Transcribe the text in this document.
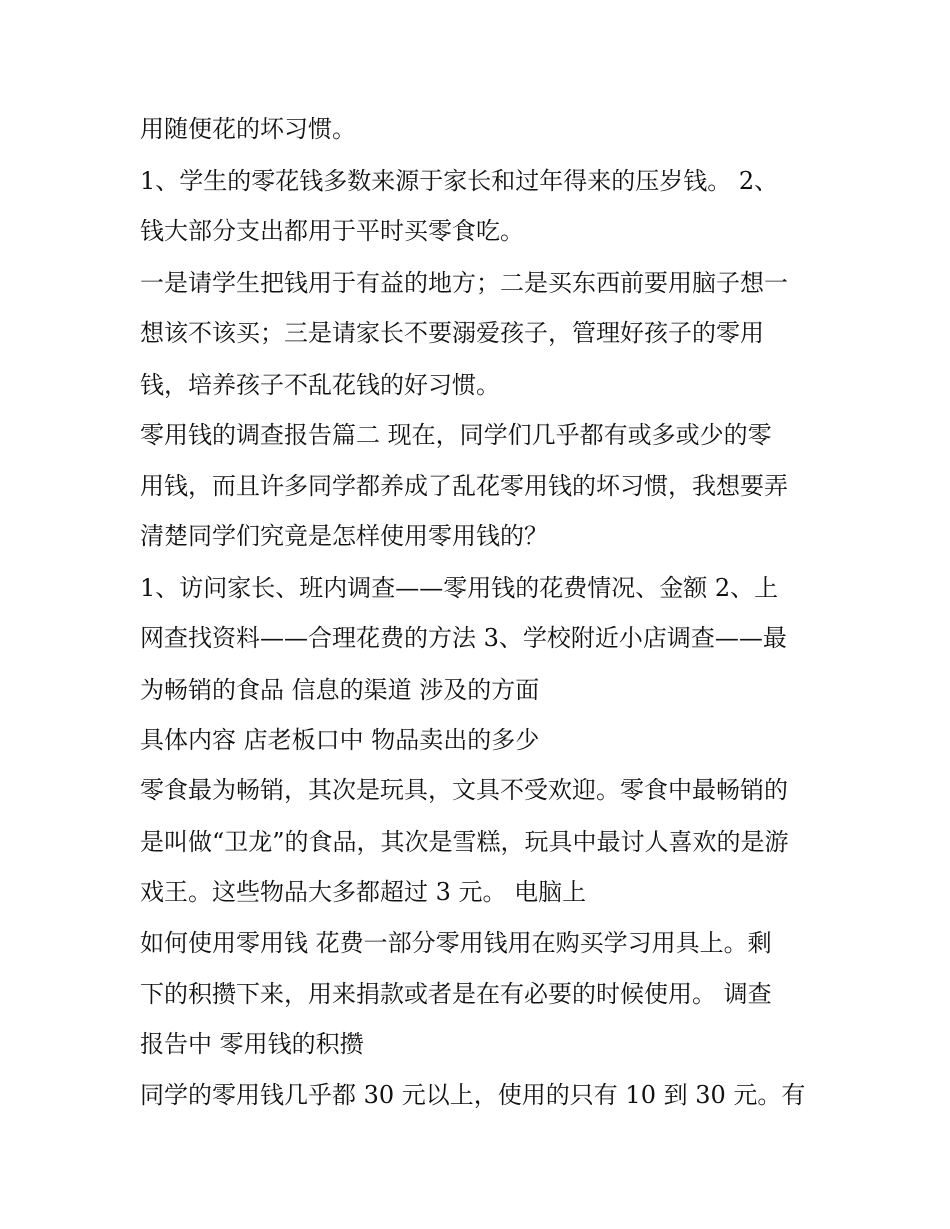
用随便花的坏习惯。
1、学生的零花钱多数来源于家长和过年得来的压岁钱。 2、
钱大部分支出都用于平时买零食吃。
一是请学生把钱用于有益的地方；二是买东西前要用脑子想一
想该不该买；三是请家长不要溺爱孩子，管理好孩子的零用
钱，培养孩子不乱花钱的好习惯。
零用钱的调查报告篇二 现在，同学们几乎都有或多或少的零
用钱，而且许多同学都养成了乱花零用钱的坏习惯，我想要弄
清楚同学们究竟是怎样使用零用钱的？
1、访问家长、班内调查——零用钱的花费情况、金额 2、上
网查找资料——合理花费的方法 3、学校附近小店调查——最
为畅销的食品 信息的渠道 涉及的方面
具体内容 店老板口中 物品卖出的多少
零食最为畅销，其次是玩具，文具不受欢迎。零食中最畅销的
是叫做“卫龙”的食品，其次是雪糕，玩具中最讨人喜欢的是游
戏王。这些物品大多都超过 3 元。 电脑上
如何使用零用钱 花费一部分零用钱用在购买学习用具上。剩
下的积攒下来，用来捐款或者是在有必要的时候使用。 调查
报告中 零用钱的积攒
同学的零用钱几乎都 30 元以上，使用的只有 10 到 30 元。有
